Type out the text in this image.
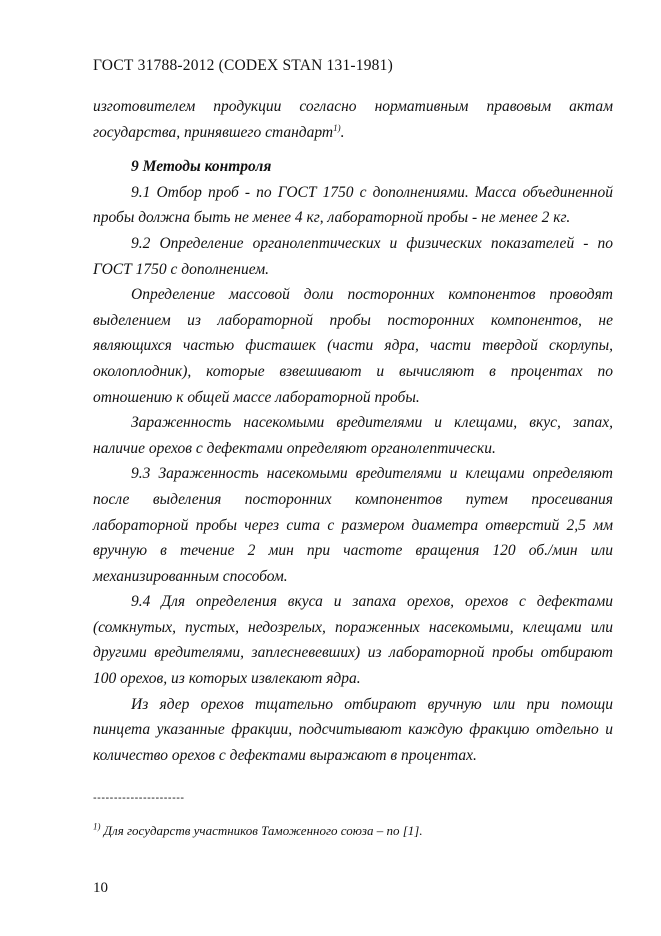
ГОСТ 31788-2012 (CODEX STAN 131-1981)

изготовителем продукции согласно нормативным правовым актам государства, принявшего стандарт$^{1)}$.

9 Методы контроля

9.1 Отбор проб - по ГОСТ 1750 с дополнениями. Масса объединенной пробы должна быть не менее 4 кг, лабораторной пробы - не менее 2 кг.

9.2 Определение органолептических и физических показателей - по ГОСТ 1750 с дополнением.

Определение массовой доли посторонних компонентов проводят выделением из лабораторной пробы посторонних компонентов, не являющихся частью фисташек (части ядра, части твердой скорлупы, околоплодник), которые взвешивают и вычисляют в процентах по отношению к общей массе лабораторной пробы.

Зараженность насекомыми вредителями и клещами, вкус, запах, наличие орехов с дефектами определяют органолептически.

9.3 Зараженность насекомыми вредителями и клещами определяют после выделения посторонних компонентов путем просеивания лабораторной пробы через сита с размером диаметра отверстий 2,5 мм вручную в течение 2 мин при частоте вращения 120 об./мин или механизированным способом.

9.4 Для определения вкуса и запаха орехов, орехов с дефектами (сомкнутых, пустых, недозрелых, пораженных насекомыми, клещами или другими вредителями, заплесневевших) из лабораторной пробы отбирают 100 орехов, из которых извлекают ядра.

Из ядер орехов тщательно отбирают вручную или при помощи пинцета указанные фракции, подсчитывают каждую фракцию отдельно и количество орехов с дефектами выражают в процентах.

----------------------
$^{1)}$ Для государств участников Таможенного союза – по [1].
10
